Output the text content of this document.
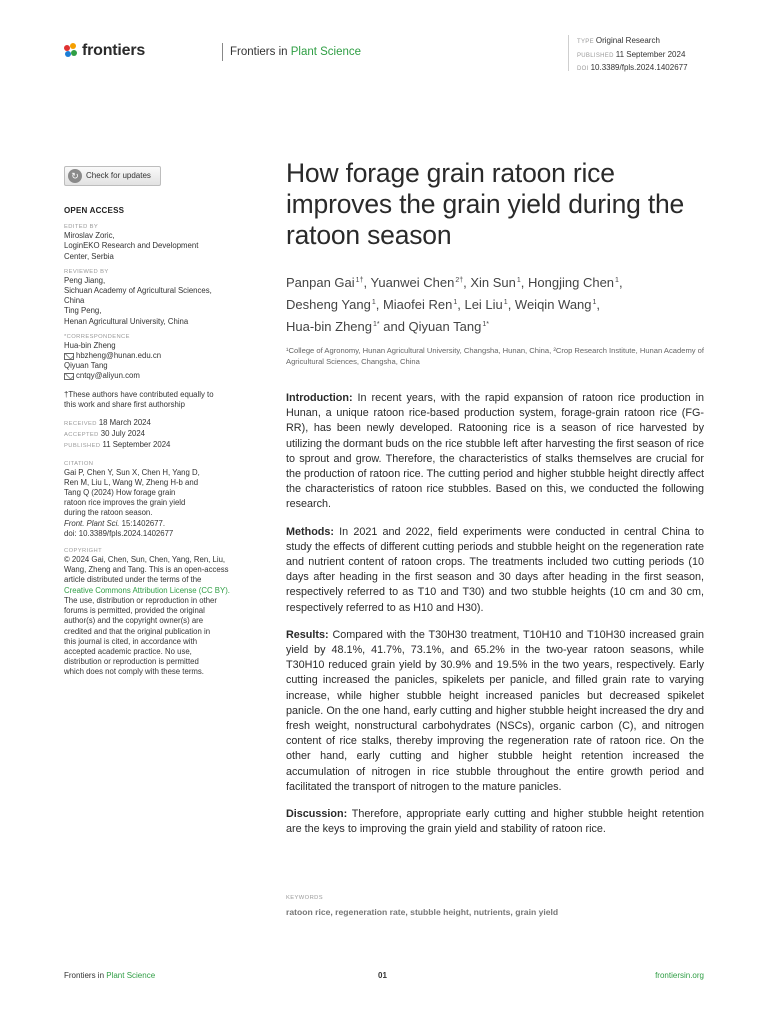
frontiers	Frontiers in Plant Science
TYPE Original Research
PUBLISHED 11 September 2024
DOI 10.3389/fpls.2024.1402677
↻ Check for updates
OPEN ACCESS
EDITED BY
Miroslav Zoric,
LoginEKO Research and Development
Center, Serbia
REVIEWED BY
Peng Jiang,
Sichuan Academy of Agricultural Sciences,
China
Ting Peng,
Henan Agricultural University, China
*CORRESPONDENCE
Hua-bin Zheng
hbzheng@hunan.edu.cn
Qiyuan Tang
cntqy@aliyun.com
†These authors have contributed equally to
this work and share first authorship
RECEIVED 18 March 2024
ACCEPTED 30 July 2024
PUBLISHED 11 September 2024
CITATION
Gai P, Chen Y, Sun X, Chen H, Yang D,
Ren M, Liu L, Wang W, Zheng H-b and
Tang Q (2024) How forage grain
ratoon rice improves the grain yield
during the ratoon season.
Front. Plant Sci. 15:1402677.
doi: 10.3389/fpls.2024.1402677
COPYRIGHT
© 2024 Gai, Chen, Sun, Chen, Yang, Ren, Liu,
Wang, Zheng and Tang. This is an open-access
article distributed under the terms of the
Creative Commons Attribution License (CC BY).
The use, distribution or reproduction in other
forums is permitted, provided the original
author(s) and the copyright owner(s) are
credited and that the original publication in
this journal is cited, in accordance with
accepted academic practice. No use,
distribution or reproduction is permitted
which does not comply with these terms.
How forage grain ratoon rice improves the grain yield during the ratoon season
Panpan Gai$^{1\dagger}$, Yuanwei Chen$^{2\dagger}$, Xin Sun$^1$, Hongjing Chen$^1$,
Desheng Yang$^1$, Miaofei Ren$^1$, Lei Liu$^1$, Weiqin Wang$^1$,
Hua-bin Zheng$^{1*}$ and Qiyuan Tang$^{1*}$
¹College of Agronomy, Hunan Agricultural University, Changsha, Hunan, China, ²Crop Research Institute, Hunan Academy of Agricultural Sciences, Changsha, China
Introduction: In recent years, with the rapid expansion of ratoon rice production in Hunan, a unique ratoon rice-based production system, forage-grain ratoon rice (FG-RR), has been newly developed. Ratooning rice is a season of rice harvested by utilizing the dormant buds on the rice stubble left after harvesting the first season of rice to sprout and grow. Therefore, the characteristics of stalks themselves are crucial for the production of ratoon rice. The cutting period and higher stubble height directly affect the characteristics of ratoon rice stubbles. Based on this, we conducted the following research.
Methods: In 2021 and 2022, field experiments were conducted in central China to study the effects of different cutting periods and stubble height on the regeneration rate and nutrient content of ratoon crops. The treatments included two cutting periods (10 days after heading in the first season and 30 days after heading in the first season, respectively referred to as T10 and T30) and two stubble heights (10 cm and 30 cm, respectively referred to as H10 and H30).
Results: Compared with the T30H30 treatment, T10H10 and T10H30 increased grain yield by 48.1%, 41.7%, 73.1%, and 65.2% in the two-year ratoon seasons, while T30H10 reduced grain yield by 30.9% and 19.5% in the two years, respectively. Early cutting increased the panicles, spikelets per panicle, and filled grain rate to varying increase, while higher stubble height increased panicles but decreased spikelet panicle. On the one hand, early cutting and higher stubble height increased the dry and fresh weight, nonstructural carbohydrates (NSCs), organic carbon (C), and nitrogen content of rice stalks, thereby improving the regeneration rate of ratoon rice. On the other hand, early cutting and higher stubble height retention increased the accumulation of nitrogen in rice stubble throughout the entire growth period and facilitated the transport of nitrogen to the mature panicles.
Discussion: Therefore, appropriate early cutting and higher stubble height retention are the keys to improving the grain yield and stability of ratoon rice.
KEYWORDS
ratoon rice, regeneration rate, stubble height, nutrients, grain yield
Frontiers in Plant Science	01	frontiersin.org
